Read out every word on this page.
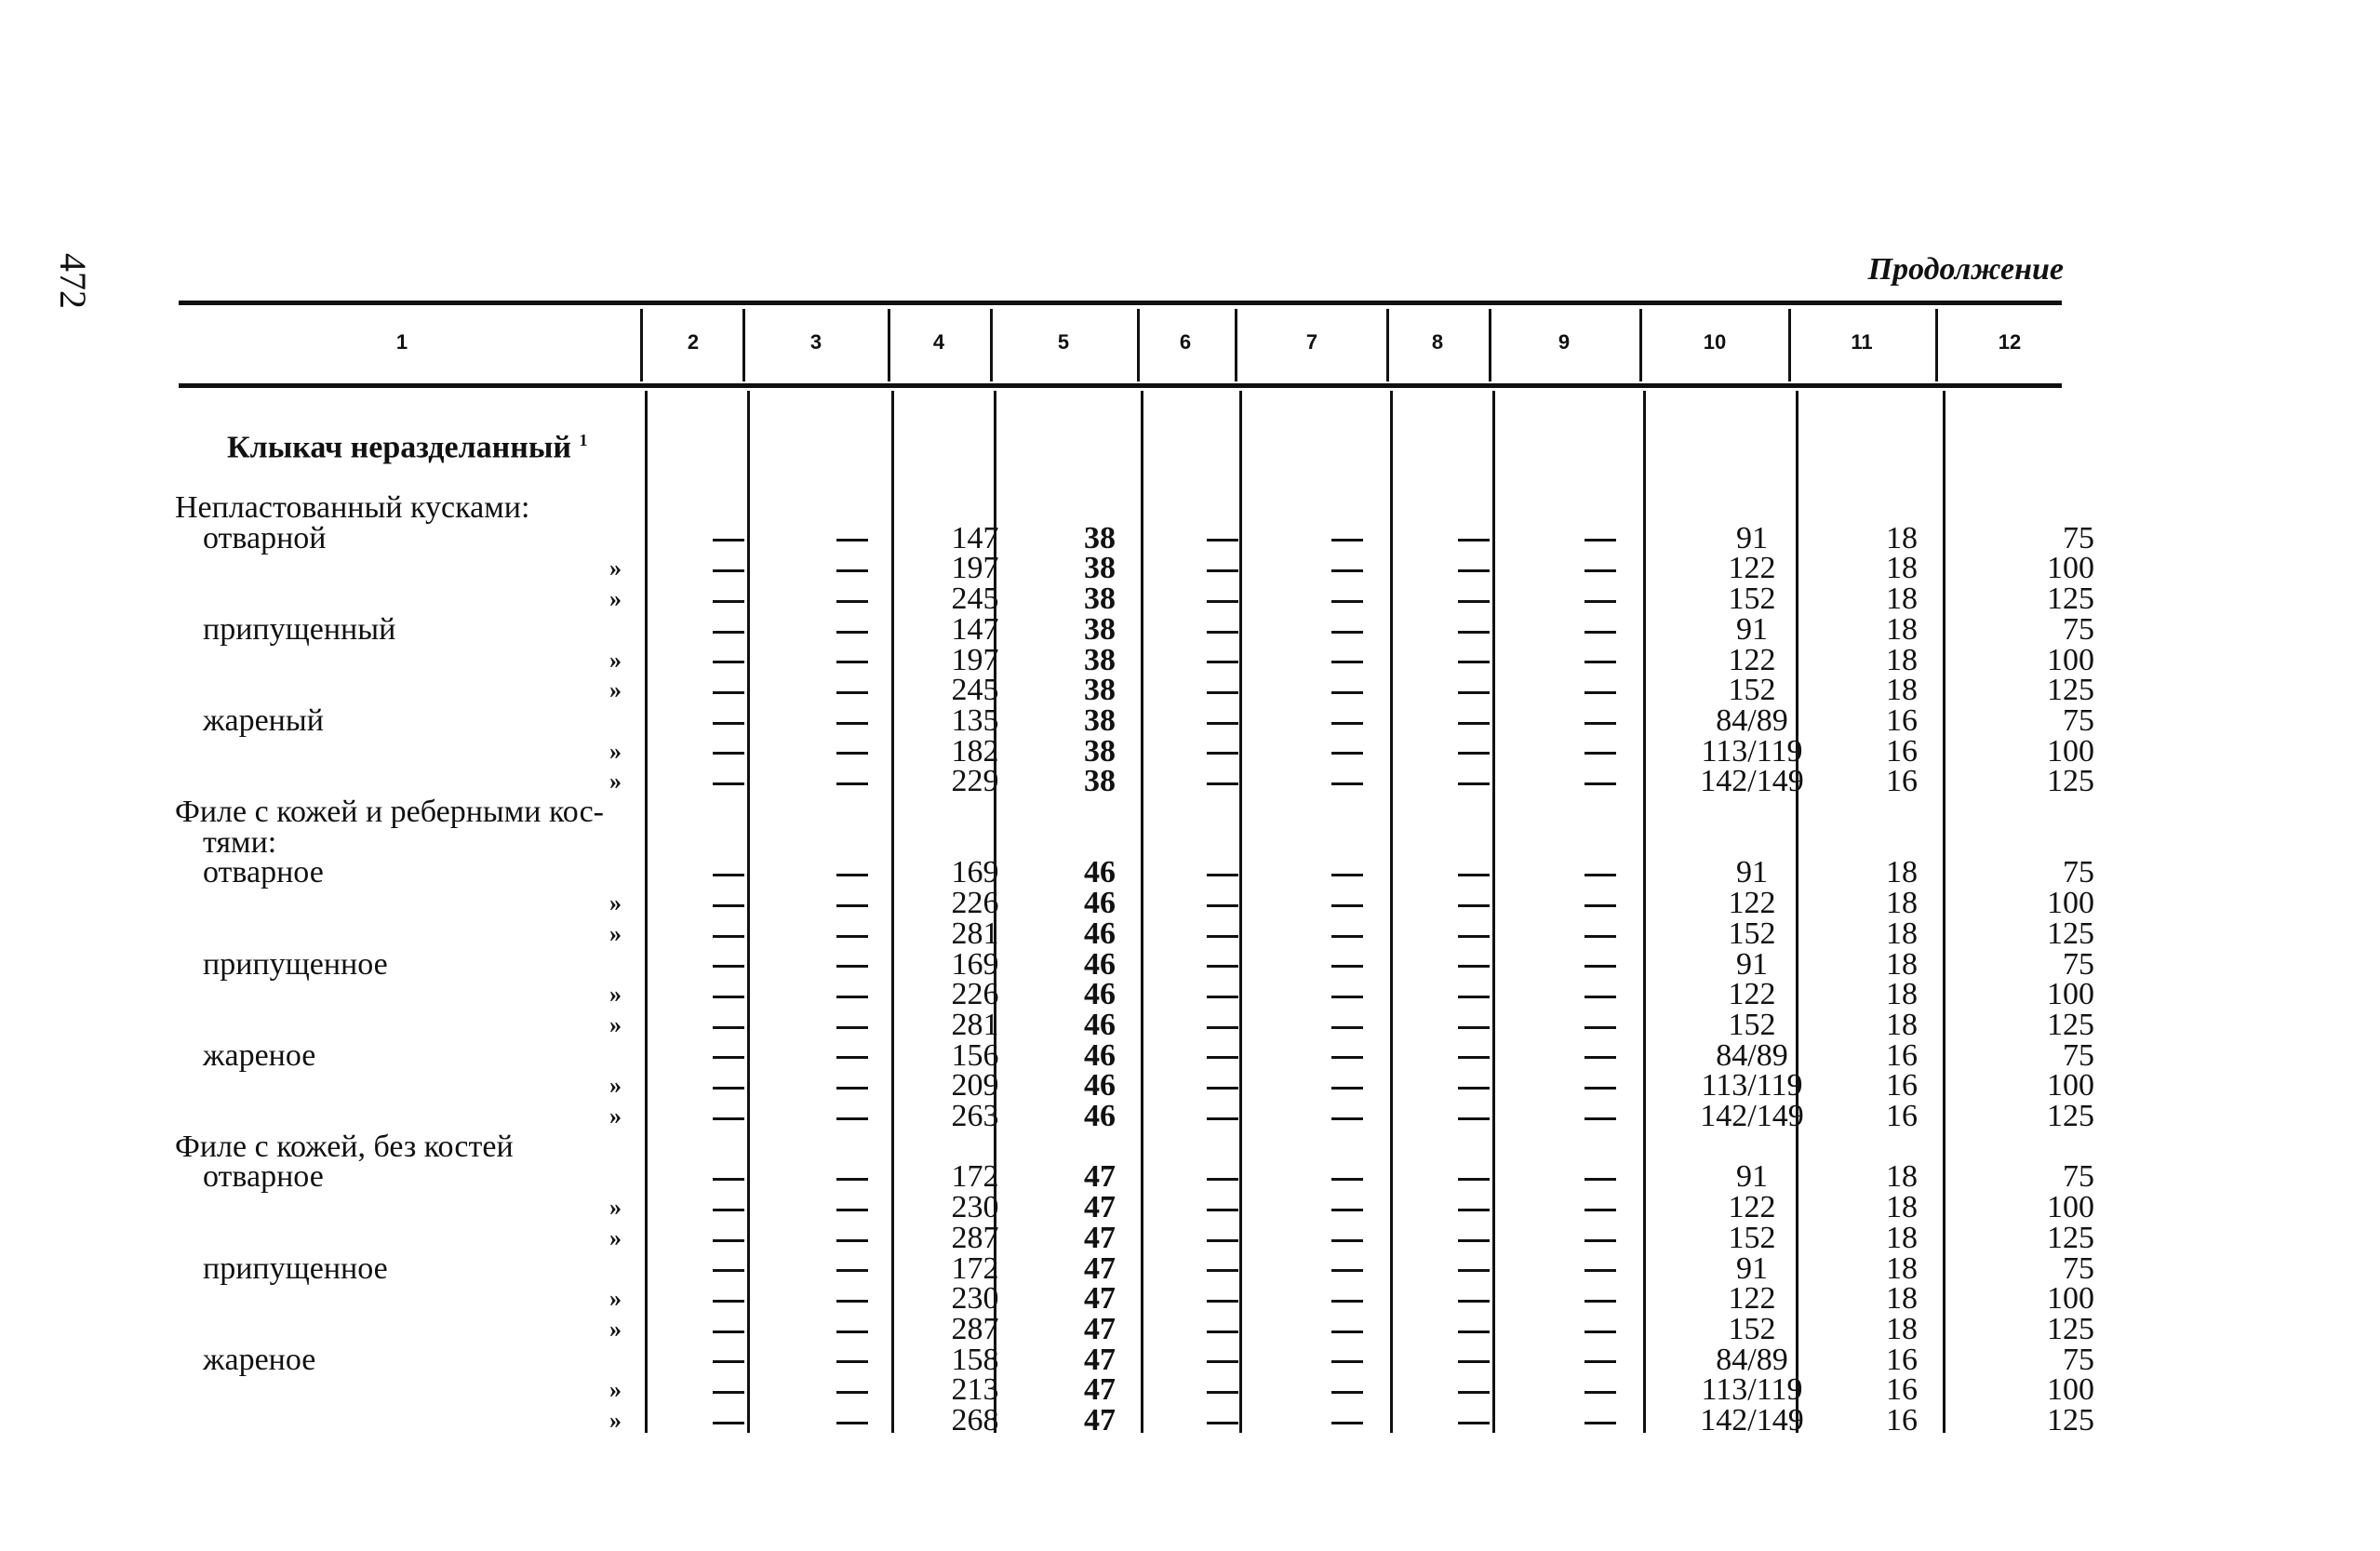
472	Продолжение
1	2	3	4	5	6	7	8	9	10	11	12
Клыкач неразделанный $^1$

Непластованный кусками:											
отварной			147	38					91	18	75
»			197	38					122	18	100
»			245	38					152	18	125
припущенный			147	38					91	18	75
»			197	38					122	18	100
»			245	38					152	18	125
жареный			135	38					84/89	16	75
»			182	38					113/119	16	100
»			229	38					142/149	16	125
Филе с кожей и реберными кос-											
тями:											
отварное			169	46					91	18	75
»			226	46					122	18	100
»			281	46					152	18	125
припущенное			169	46					91	18	75
»			226	46					122	18	100
»			281	46					152	18	125
жареное			156	46					84/89	16	75
»			209	46					113/119	16	100
»			263	46					142/149	16	125
Филе с кожей, без костей											
отварное			172	47					91	18	75
»			230	47					122	18	100
»			287	47					152	18	125
припущенное			172	47					91	18	75
»			230	47					122	18	100
»			287	47					152	18	125
жареное			158	47					84/89	16	75
»			213	47					113/119	16	100
»			268	47					142/149	16	125
